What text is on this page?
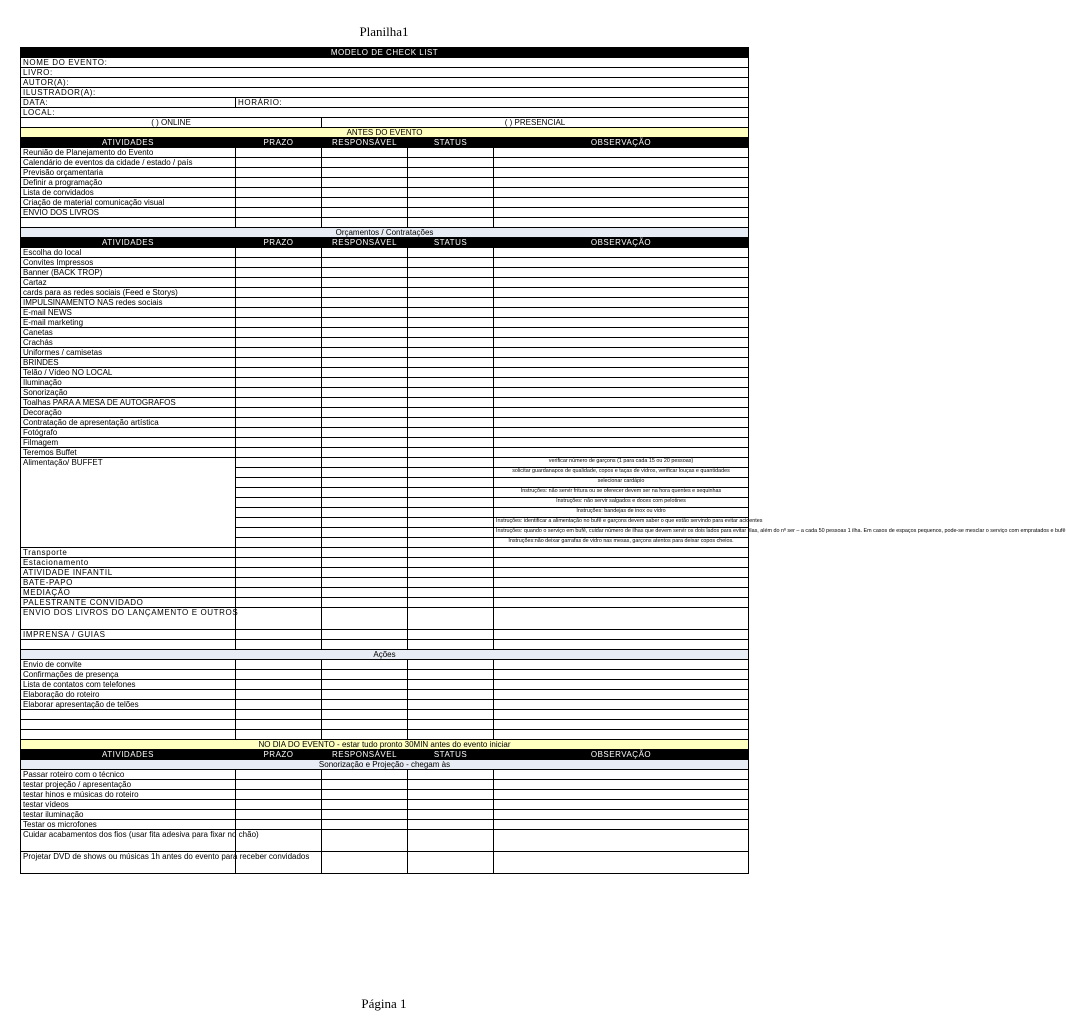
Planilha1
MODELO DE CHECK LIST				
NOME DO EVENTO:				
LIVRO:				
AUTOR(A):				
ILUSTRADOR(A):				
DATA:	HORÁRIO:			
LOCAL:				
( ) ONLINE		( ) PRESENCIAL		
ANTES DO EVENTO				
ATIVIDADES	PRAZO	RESPONSÁVEL	STATUS	OBSERVAÇÃO
Reunião de Planejamento do Evento				
Calendário de eventos da cidade / estado / país				
Previsão orçamentaria				
Definir a programação				
Lista de convidados				
Criação de material comunicação visual				
ENVIO DOS LIVROS				

Orçamentos / Contratações				
ATIVIDADES	PRAZO	RESPONSÁVEL	STATUS	OBSERVAÇÃO
Escolha do local				
Convites Impressos				
Banner (BACK TROP)				
Cartaz				
cards para as redes sociais (Feed e Storys)				
IMPULSINAMENTO NAS redes sociais				
E-mail NEWS				
E-mail marketing				
Canetas				
Crachás				
Uniformes / camisetas				
BRINDES				
Telão / Vídeo NO LOCAL				
Iluminação				
Sonorização				
Toalhas PARA A MESA DE AUTOGRAFOS				
Decoração				
Contratação de apresentação artística				
Fotógrafo				
Filmagem				
Teremos Buffet				
Alimentação/ BUFFET				verificar número de garçons (1 para cada 15 ou 20 pessoas)
				solicitar guardanapos de qualidade, copos e taças de vidros, verificar louças e quantidades
				selecionar cardápio
				Instruções: não servir fritura ou se oferecer devem ser na hora quentes e sequinhas
				Instruções: não servir salgados e doces com pelotines
				Instruções: bandejas de inox ou vidro
				Instruções: identificar a alimentação no bufê e garçons devem saber o que estão servindo para evitar acidentes
				Instruções: quando o serviço em bufê, cuidar número de ilhas que devem servir os dois lados para evitar filas, além do nº ser – a cada 50 pessoas 1 ilha. Em casos de espaços pequenos, pode-se mesclar o serviço com empratados e bufê
				Instruções:não deixar garrafas de vidro nas mesas, garçons atentos para deixar copos cheios.
Transporte				
Estacionamento				
ATIVIDADE INFANTIL				
BATE-PAPO				
MEDIAÇÃO				
PALESTRANTE CONVIDADO				
ENVIO DOS LIVROS DO LANÇAMENTO E OUTROS				
IMPRENSA / GUIAS				

Ações				
Envio de convite				
Confirmações de presença				
Lista de contatos com telefones				
Elaboração do roteiro				
Elaborar apresentação de telões				

NO DIA DO EVENTO - estar tudo pronto 30MIN antes do evento iniciar				
ATIVIDADES	PRAZO	RESPONSÁVEL	STATUS	OBSERVAÇÃO
Sonorização e Projeção - chegam às				
Passar roteiro com o técnico				
testar projeção / apresentação				
testar hinos e músicas do roteiro				
testar vídeos				
testar iluminação				
Testar os microfones				
Cuidar acabamentos dos fios (usar fita adesiva para fixar no chão)				
Projetar DVD de shows ou músicas 1h antes do evento para receber convidados				
Página 1
